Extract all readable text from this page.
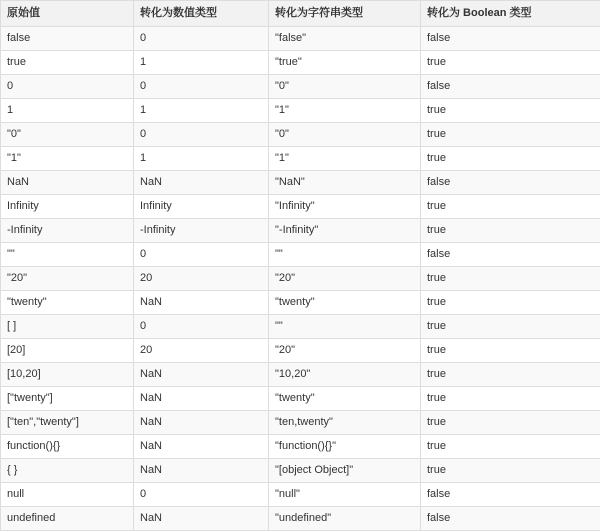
原始值	转化为数值类型	转化为字符串类型	转化为 Boolean 类型
false	0	"false"	false
true	1	"true"	true
0	0	"0"	false
1	1	"1"	true
"0"	0	"0"	true
"1"	1	"1"	true
NaN	NaN	"NaN"	false
Infinity	Infinity	"Infinity"	true
-Infinity	-Infinity	"-Infinity"	true
""	0	""	false
"20"	20	"20"	true
"twenty"	NaN	"twenty"	true
[ ]	0	""	true
[20]	20	"20"	true
[10,20]	NaN	"10,20"	true
["twenty"]	NaN	"twenty"	true
["ten","twenty"]	NaN	"ten,twenty"	true
function(){}	NaN	"function(){}"	true
{ }	NaN	"[object Object]"	true
null	0	"null"	false
undefined	NaN	"undefined"	false
